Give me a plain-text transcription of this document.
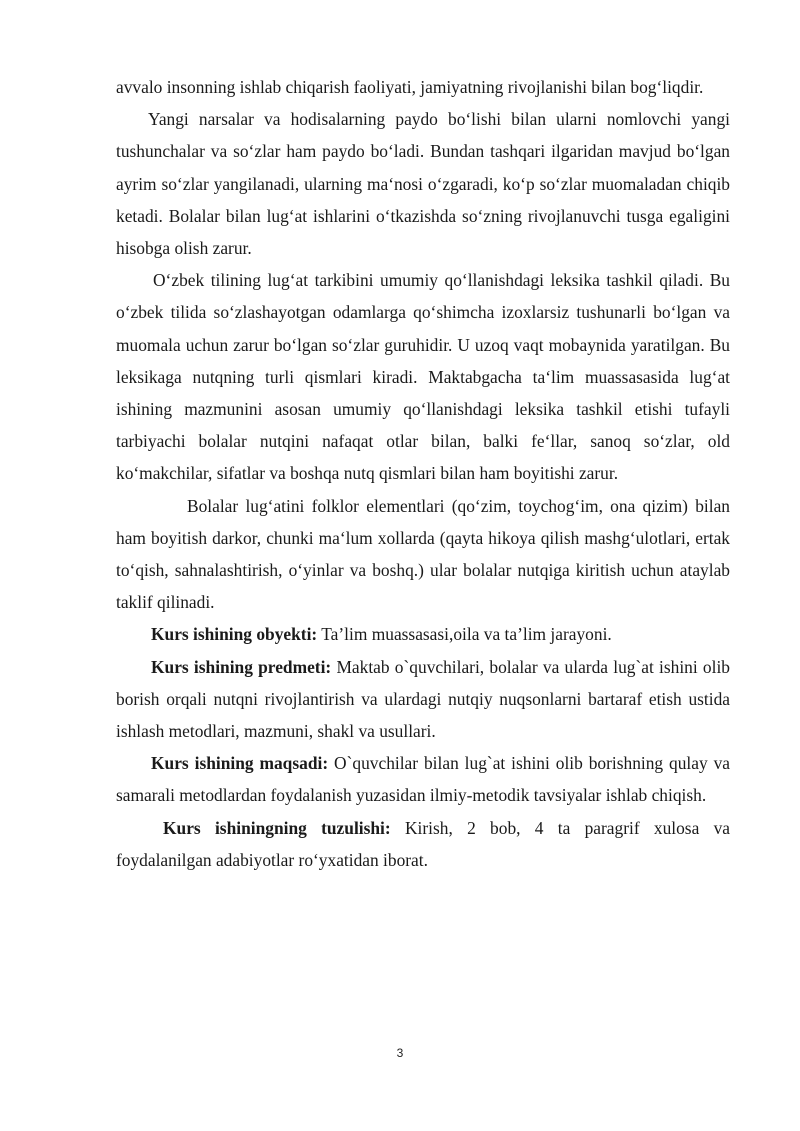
avvalo insonning ishlab chiqarish faoliyati, jamiyatning rivojlanishi bilan bog‘liqdir.

Yangi narsalar va hodisalarning paydo bo‘lishi bilan ularni nomlovchi yangi tushunchalar va so‘zlar ham paydo bo‘ladi. Bundan tashqari ilgaridan mavjud bo‘lgan ayrim so‘zlar yangilanadi, ularning ma‘nosi o‘zgaradi, ko‘p so‘zlar muomaladan chiqib ketadi. Bolalar bilan lug‘at ishlarini o‘tkazishda so‘zning rivojlanuvchi tusga egaligini hisobga olish zarur.

O‘zbek tilining lug‘at tarkibini umumiy qo‘llanishdagi leksika tashkil qiladi. Bu o‘zbek tilida so‘zlashayotgan odamlarga qo‘shimcha izoxlarsiz tushunarli bo‘lgan va muomala uchun zarur bo‘lgan so‘zlar guruhidir. U uzoq vaqt mobaynida yaratilgan. Bu leksikaga nutqning turli qismlari kiradi. Maktabgacha ta‘lim muassasasida lug‘at ishining mazmunini asosan umumiy qo‘llanishdagi leksika tashkil etishi tufayli tarbiyachi bolalar nutqini nafaqat otlar bilan, balki fe‘llar, sanoq so‘zlar, old ko‘makchilar, sifatlar va boshqa nutq qismlari bilan ham boyitishi zarur.

Bolalar lug‘atini folklor elementlari (qo‘zim, toychog‘im, ona qizim) bilan ham boyitish darkor, chunki ma‘lum xollarda (qayta hikoya qilish mashg‘ulotlari, ertak to‘qish, sahnalashtirish, o‘yinlar va boshq.) ular bolalar nutqiga kiritish uchun ataylab taklif qilinadi.

Kurs ishining obyekti: Ta’lim muassasasi,oila va ta’lim jarayoni.

Kurs ishining predmeti: Maktab o`quvchilari, bolalar va ularda lug`at ishini olib borish orqali nutqni rivojlantirish va ulardagi nutqiy nuqsonlarni bartaraf etish ustida ishlash metodlari, mazmuni, shakl va usullari.

Kurs ishining maqsadi: O`quvchilar bilan lug`at ishini olib borishning qulay va samarali metodlardan foydalanish yuzasidan ilmiy-metodik tavsiyalar ishlab chiqish.

Kurs ishiningning tuzulishi: Kirish, 2 bob, 4 ta paragrif xulosa va foydalanilgan adabiyotlar ro‘yxatidan iborat.

3
